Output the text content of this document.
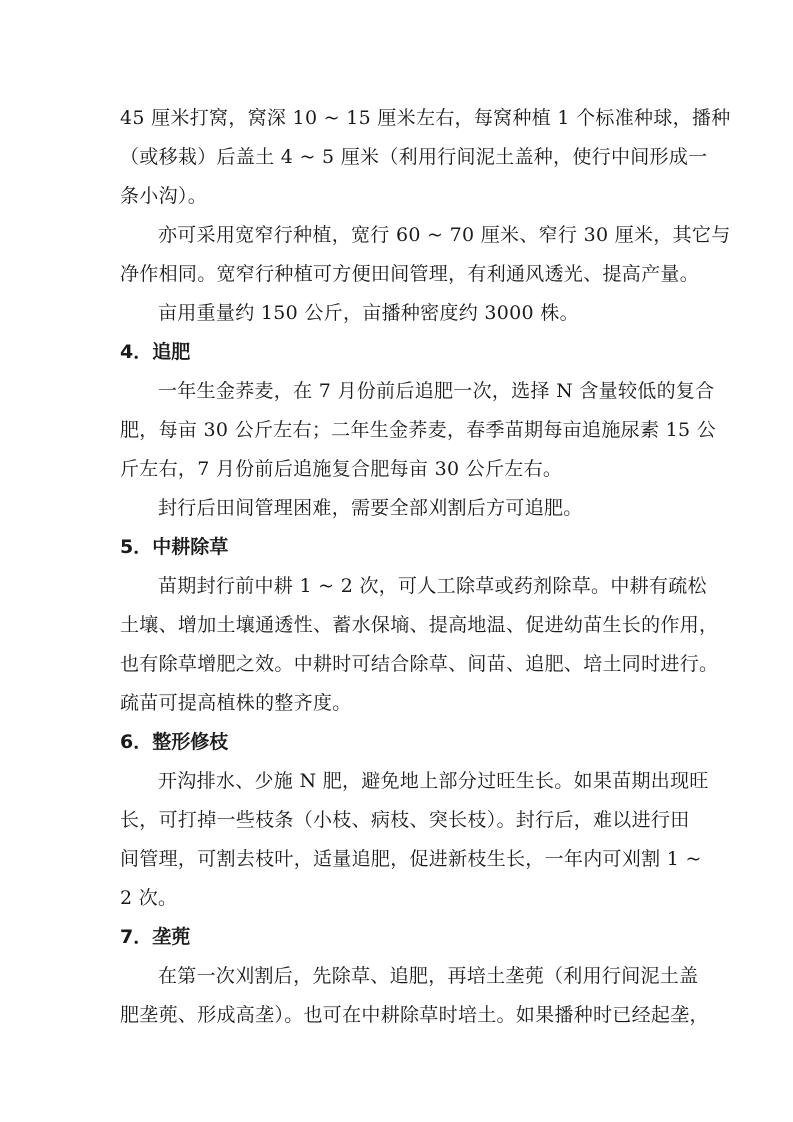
45 厘米打窝，窝深 10 ~ 15 厘米左右，每窝种植 1 个标准种球，播种
（或移栽）后盖土 4 ~ 5 厘米（利用行间泥土盖种，使行中间形成一
条小沟）。
亦可采用宽窄行种植，宽行 60 ~ 70 厘米、窄行 30 厘米，其它与
净作相同。宽窄行种植可方便田间管理，有利通风透光、提高产量。
亩用重量约 150 公斤，亩播种密度约 3000 株。
4．追肥
一年生金荞麦，在 7 月份前后追肥一次，选择 N 含量较低的复合
肥，每亩 30 公斤左右；二年生金荞麦，春季苗期每亩追施尿素 15 公
斤左右，7 月份前后追施复合肥每亩 30 公斤左右。
封行后田间管理困难，需要全部刈割后方可追肥。
5．中耕除草
苗期封行前中耕 1 ~ 2 次，可人工除草或药剂除草。中耕有疏松
土壤、增加土壤通透性、蓄水保墒、提高地温、促进幼苗生长的作用，
也有除草增肥之效。中耕时可结合除草、间苗、追肥、培土同时进行。
疏苗可提高植株的整齐度。
6．整形修枝
开沟排水、少施 N 肥，避免地上部分过旺生长。如果苗期出现旺
长，可打掉一些枝条（小枝、病枝、突长枝）。封行后，难以进行田
间管理，可割去枝叶，适量追肥，促进新枝生长，一年内可刈割 1 ~
2 次。
7．垄蔸
在第一次刈割后，先除草、追肥，再培土垄蔸（利用行间泥土盖
肥垄蔸、形成高垄）。也可在中耕除草时培土。如果播种时已经起垄，
